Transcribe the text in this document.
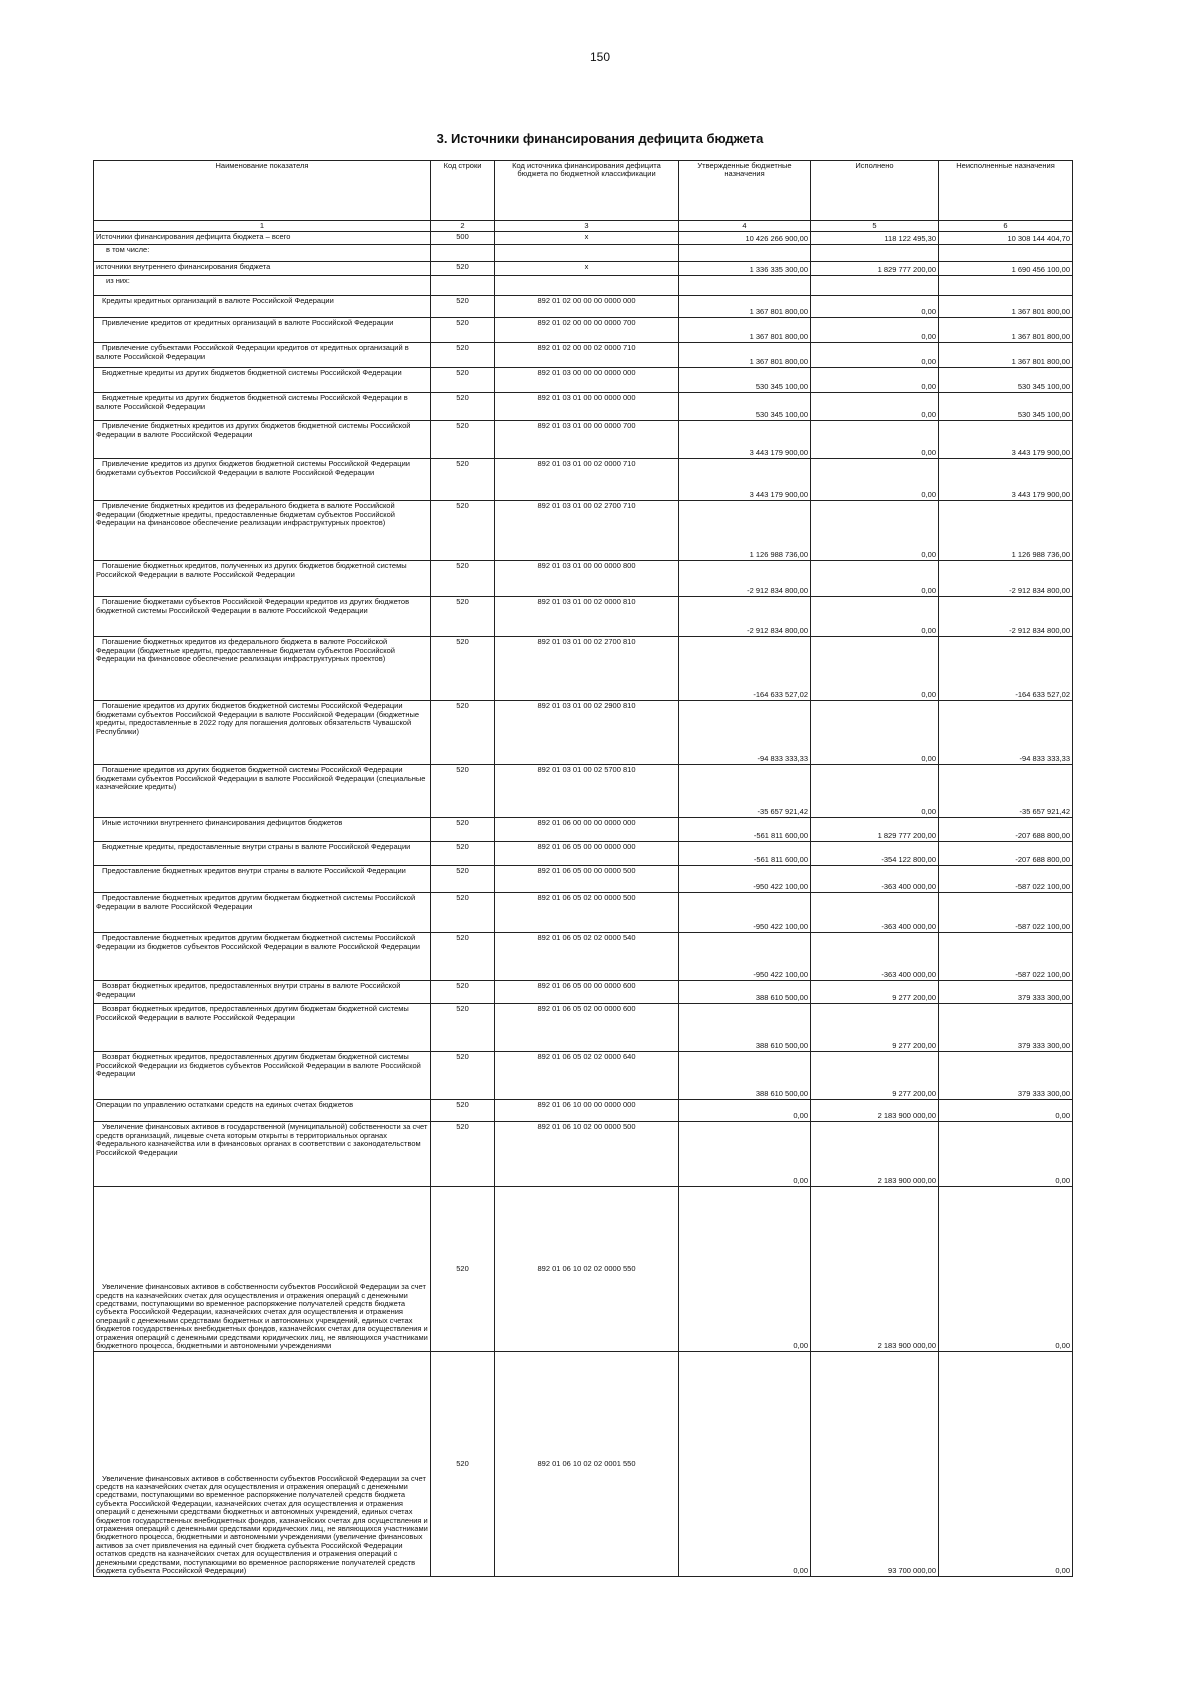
150
3. Источники финансирования дефицита бюджета
Наименование показателя	Код строки	Код источника финансирования дефицита бюджета по бюджетной классификации	Утвержденные бюджетные назначения	Исполнено	Неисполненные назначения
1	2	3	4	5	6
Источники финансирования дефицита бюджета – всего	500	х	10 426 266 900,00	118 122 495,30	10 308 144 404,70
в том числе:					
источники внутреннего финансирования бюджета	520	х	1 336 335 300,00	1 829 777 200,00	1 690 456 100,00
из них:					
Кредиты кредитных организаций в валюте Российской Федерации	520	892 01 02 00 00 00 0000 000	1 367 801 800,00	0,00	1 367 801 800,00
Привлечение кредитов от кредитных организаций в валюте Российской Федерации	520	892 01 02 00 00 00 0000 700	1 367 801 800,00	0,00	1 367 801 800,00
Привлечение субъектами Российской Федерации кредитов от кредитных организаций в валюте Российской Федерации	520	892 01 02 00 00 02 0000 710	1 367 801 800,00	0,00	1 367 801 800,00
Бюджетные кредиты из других бюджетов бюджетной системы Российской Федерации	520	892 01 03 00 00 00 0000 000	530 345 100,00	0,00	530 345 100,00
Бюджетные кредиты из других бюджетов бюджетной системы Российской Федерации в валюте Российской Федерации	520	892 01 03 01 00 00 0000 000	530 345 100,00	0,00	530 345 100,00
Привлечение бюджетных кредитов из других бюджетов бюджетной системы Российской Федерации в валюте Российской Федерации	520	892 01 03 01 00 00 0000 700	3 443 179 900,00	0,00	3 443 179 900,00
Привлечение кредитов из других бюджетов бюджетной системы Российской Федерации бюджетами субъектов Российской Федерации в валюте Российской Федерации	520	892 01 03 01 00 02 0000 710	3 443 179 900,00	0,00	3 443 179 900,00
Привлечение бюджетных кредитов из федерального бюджета в валюте Российской Федерации (бюджетные кредиты, предоставленные бюджетам субъектов Российской Федерации на финансовое обеспечение реализации инфраструктурных проектов)	520	892 01 03 01 00 02 2700 710	1 126 988 736,00	0,00	1 126 988 736,00
Погашение бюджетных кредитов, полученных из других бюджетов бюджетной системы Российской Федерации в валюте Российской Федерации	520	892 01 03 01 00 00 0000 800	-2 912 834 800,00	0,00	-2 912 834 800,00
Погашение бюджетами субъектов Российской Федерации кредитов из других бюджетов бюджетной системы Российской Федерации в валюте Российской Федерации	520	892 01 03 01 00 02 0000 810	-2 912 834 800,00	0,00	-2 912 834 800,00
Погашение бюджетных кредитов из федерального бюджета в валюте Российской Федерации (бюджетные кредиты, предоставленные бюджетам субъектов Российской Федерации на финансовое обеспечение реализации инфраструктурных проектов)	520	892 01 03 01 00 02 2700 810	-164 633 527,02	0,00	-164 633 527,02
Погашение кредитов из других бюджетов бюджетной системы Российской Федерации бюджетами субъектов Российской Федерации в валюте Российской Федерации (бюджетные кредиты, предоставленные в 2022 году для погашения долговых обязательств Чувашской Республики)	520	892 01 03 01 00 02 2900 810	-94 833 333,33	0,00	-94 833 333,33
Погашение кредитов из других бюджетов бюджетной системы Российской Федерации бюджетами субъектов Российской Федерации в валюте Российской Федерации (специальные казначейские кредиты)	520	892 01 03 01 00 02 5700 810	-35 657 921,42	0,00	-35 657 921,42
Иные источники внутреннего финансирования дефицитов бюджетов	520	892 01 06 00 00 00 0000 000	-561 811 600,00	1 829 777 200,00	-207 688 800,00
Бюджетные кредиты, предоставленные внутри страны в валюте Российской Федерации	520	892 01 06 05 00 00 0000 000	-561 811 600,00	-354 122 800,00	-207 688 800,00
Предоставление бюджетных кредитов внутри страны в валюте Российской Федерации	520	892 01 06 05 00 00 0000 500	-950 422 100,00	-363 400 000,00	-587 022 100,00
Предоставление бюджетных кредитов другим бюджетам бюджетной системы Российской Федерации в валюте Российской Федерации	520	892 01 06 05 02 00 0000 500	-950 422 100,00	-363 400 000,00	-587 022 100,00
Предоставление бюджетных кредитов другим бюджетам бюджетной системы Российской Федерации из бюджетов субъектов Российской Федерации в валюте Российской Федерации	520	892 01 06 05 02 02 0000 540	-950 422 100,00	-363 400 000,00	-587 022 100,00
Возврат бюджетных кредитов, предоставленных внутри страны в валюте Российской Федерации	520	892 01 06 05 00 00 0000 600	388 610 500,00	9 277 200,00	379 333 300,00
Возврат бюджетных кредитов, предоставленных другим бюджетам бюджетной системы Российской Федерации в валюте Российской Федерации	520	892 01 06 05 02 00 0000 600	388 610 500,00	9 277 200,00	379 333 300,00
Возврат бюджетных кредитов, предоставленных другим бюджетам бюджетной системы Российской Федерации из бюджетов субъектов Российской Федерации в валюте Российской Федерации	520	892 01 06 05 02 02 0000 640	388 610 500,00	9 277 200,00	379 333 300,00
Операции по управлению остатками средств на единых счетах бюджетов	520	892 01 06 10 00 00 0000 000	0,00	2 183 900 000,00	0,00
Увеличение финансовых активов в государственной (муниципальной) собственности за счет средств организаций, лицевые счета которым открыты в территориальных органах Федерального казначейства или в финансовых органах в соответствии с законодательством Российской Федерации	520	892 01 06 10 02 00 0000 500	0,00	2 183 900 000,00	0,00
Увеличение финансовых активов в собственности субъектов Российской Федерации за счет средств на казначейских счетах для осуществления и отражения операций с денежными средствами, поступающими во временное распоряжение получателей средств бюджета субъекта Российской Федерации, казначейских счетах для осуществления и отражения операций с денежными средствами бюджетных и автономных учреждений, единых счетах бюджетов государственных внебюджетных фондов, казначейских счетах для осуществления и отражения операций с денежными средствами юридических лиц, не являющихся участниками бюджетного процесса, бюджетными и автономными учреждениями	520	892 01 06 10 02 02 0000 550	0,00	2 183 900 000,00	0,00
Увеличение финансовых активов в собственности субъектов Российской Федерации за счет средств на казначейских счетах для осуществления и отражения операций с денежными средствами, поступающими во временное распоряжение получателей средств бюджета субъекта Российской Федерации, казначейских счетах для осуществления и отражения операций с денежными средствами бюджетных и автономных учреждений, единых счетах бюджетов государственных внебюджетных фондов, казначейских счетах для осуществления и отражения операций с денежными средствами юридических лиц, не являющихся участниками бюджетного процесса, бюджетными и автономными учреждениями (увеличение финансовых активов за счет привлечения на единый счет бюджета субъекта Российской Федерации остатков средств на казначейских счетах для осуществления и отражения операций с денежными средствами, поступающими во временное распоряжение получателей средств бюджета субъекта Российской Федерации)	520	892 01 06 10 02 02 0001 550	0,00	93 700 000,00	0,00
